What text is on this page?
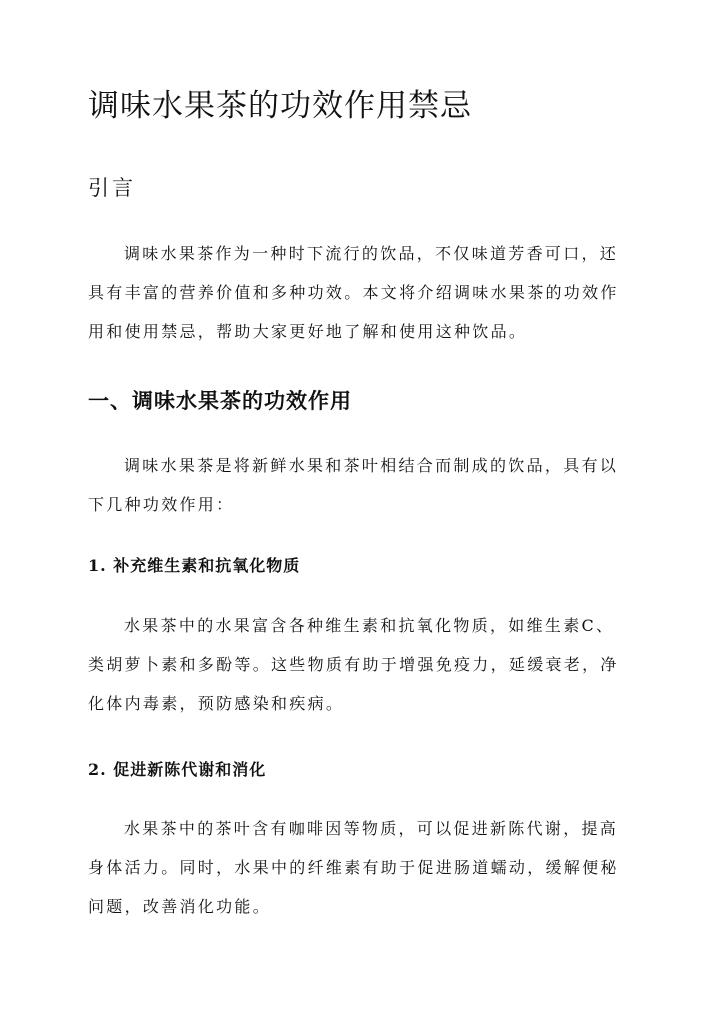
调味水果茶的功效作用禁忌
引言
调味水果茶作为一种时下流行的饮品，不仅味道芳香可口，还
具有丰富的营养价值和多种功效。本文将介绍调味水果茶的功效作
用和使用禁忌，帮助大家更好地了解和使用这种饮品。
一、调味水果茶的功效作用
调味水果茶是将新鲜水果和茶叶相结合而制成的饮品，具有以
下几种功效作用：
1. 补充维生素和抗氧化物质
水果茶中的水果富含各种维生素和抗氧化物质，如维生素C、
类胡萝卜素和多酚等。这些物质有助于增强免疫力，延缓衰老，净
化体内毒素，预防感染和疾病。
2. 促进新陈代谢和消化
水果茶中的茶叶含有咖啡因等物质，可以促进新陈代谢，提高
身体活力。同时，水果中的纤维素有助于促进肠道蠕动，缓解便秘
问题，改善消化功能。
